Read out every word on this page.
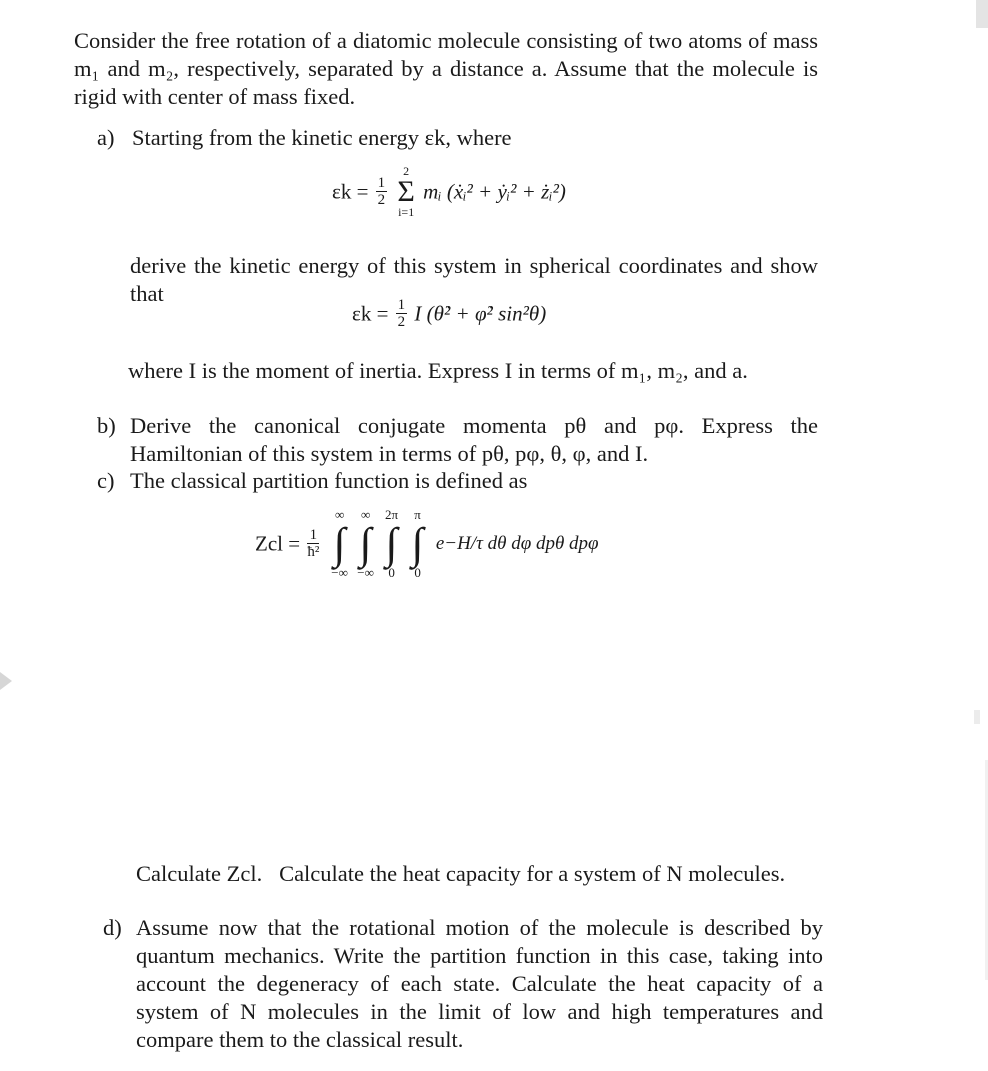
Consider the free rotation of a diatomic molecule consisting of two atoms of mass m₁ and m₂, respectively, separated by a distance a. Assume that the molecule is rigid with center of mass fixed.

a) Starting from the kinetic energy εk, where
$\varepsilon k = \frac{1}{2}$

2
Σ
i=1
mᵢ (ẋᵢ² + ẏᵢ² + żᵢ²)
derive the kinetic energy of this system in spherical coordinates and show that
$\varepsilon k = \frac{1}{2}$ I (θ̇² + φ̇² sin²θ)
where I is the moment of inertia. Express I in terms of m₁, m₂, and a.
b) Derive the canonical conjugate momenta pθ and pφ. Express the Hamiltonian of this system in terms of pθ, pφ, θ, φ, and I.
c) The classical partition function is defined as
Zcl = $\frac{1}{\text{ħ²}}$

∞
∫
−∞
∞
∫
−∞
2π
∫
0
π
∫
0
e−H/τ dθ dφ dpθ dpφ
Calculate Zcl.   Calculate the heat capacity for a system of N molecules.
d) Assume now that the rotational motion of the molecule is described by quantum mechanics. Write the partition function in this case, taking into account the degeneracy of each state. Calculate the heat capacity of a system of N molecules in the limit of low and high temperatures and compare them to the classical result.
